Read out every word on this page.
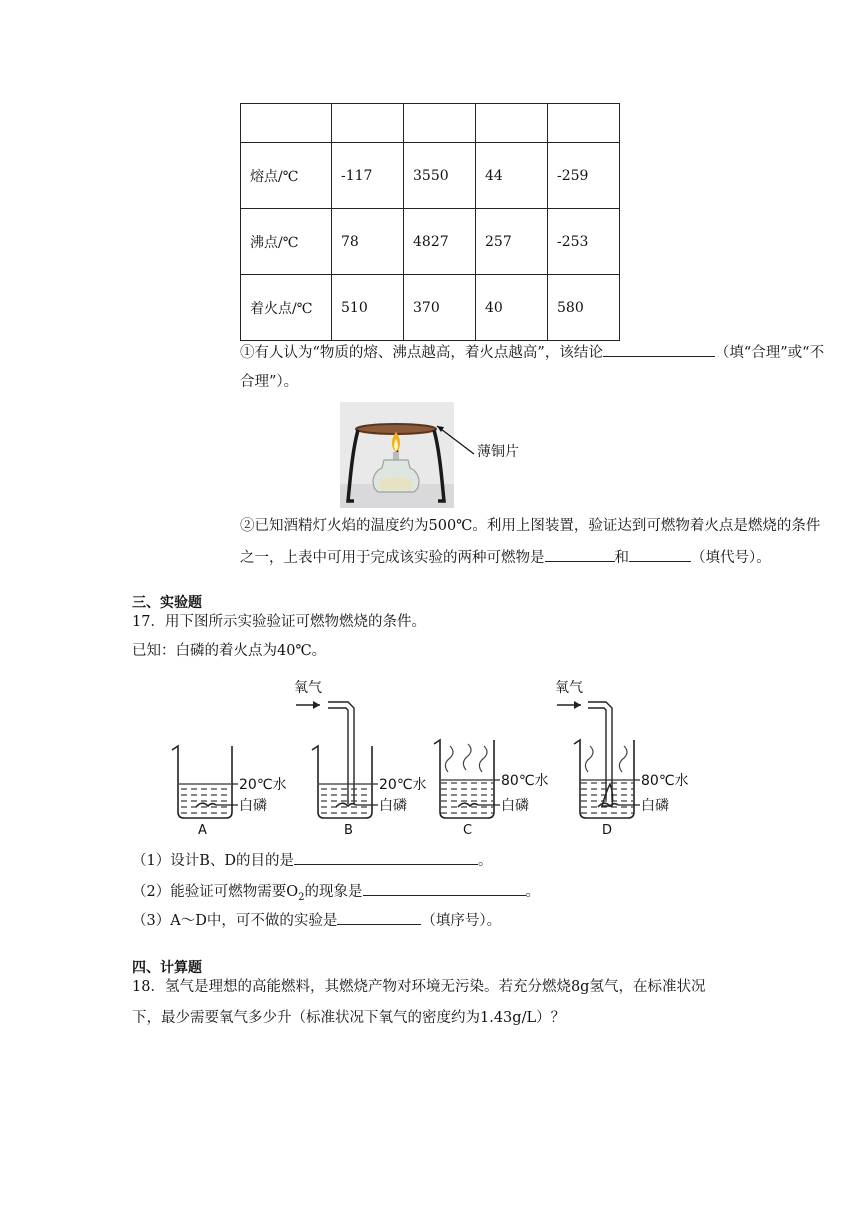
熔点/℃	-117	3550	44	-259
沸点/℃	78	4827	257	-253
着火点/℃	510	370	40	580
①有人认为“物质的熔、沸点越高，着火点越高”，该结论	（填“合理”或“不
合理”）。
薄铜片
②已知酒精灯火焰的温度约为500℃。利用上图装置，验证达到可燃物着火点是燃烧的条件
之一，上表中可用于完成该实验的两种可燃物是	和	（填代号）。
三、实验题
17．用下图所示实验验证可燃物燃烧的条件。
已知：白磷的着火点为40℃。
20℃水
白磷
A
氧气
20℃水
白磷
B
80℃水
白磷
C
氧气
80℃水
白磷
D
（1）设计B、D的目的是	。
（2）能验证可燃物需要$O_2$的现象是	。
（3）A～D中，可不做的实验是	（填序号）。
四、计算题
18．氢气是理想的高能燃料，其燃烧产物对环境无污染。若充分燃烧8g氢气，在标准状况
下，最少需要氧气多少升（标准状况下氧气的密度约为1.43g/L）？
